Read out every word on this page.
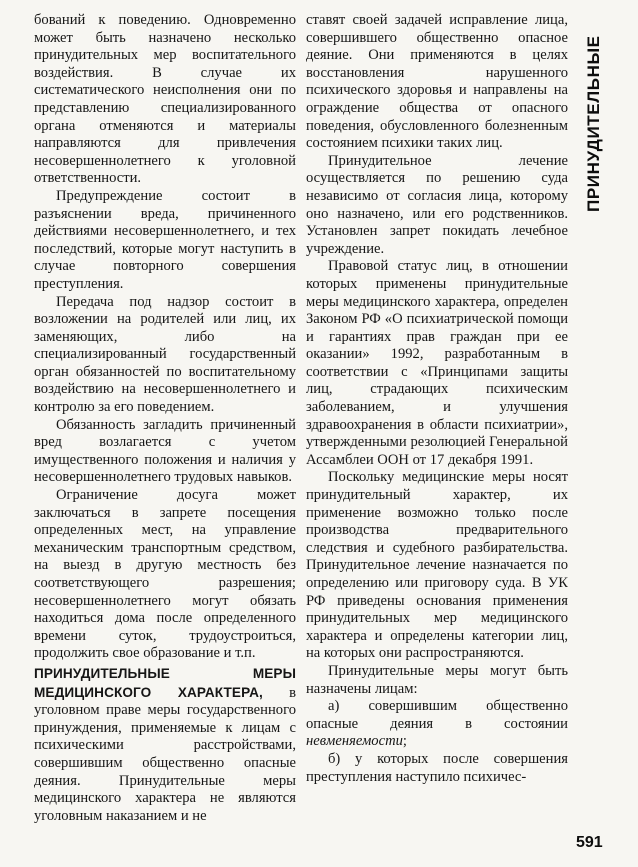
ПРИНУДИТЕЛЬНЫЕ

бований к поведению. Одновременно может быть назначено несколько принудительных мер воспитательного воздействия. В случае их систематического неисполнения они по представлению специализированного органа отменяются и материалы направляются для привлечения несовершеннолетнего к уголовной ответственности.

Предупреждение состоит в разъяснении вреда, причиненного действиями несовершеннолетнего, и тех последствий, которые могут наступить в случае повторного совершения преступления.

Передача под надзор состоит в возложении на родителей или лиц, их заменяющих, либо на специализированный государственный орган обязанностей по воспитательному воздействию на несовершеннолетнего и контролю за его поведением.

Обязанность загладить причиненный вред возлагается с учетом имущественного положения и наличия у несовершеннолетнего трудовых навыков.

Ограничение досуга может заключаться в запрете посещения определенных мест, на управление механическим транспортным средством, на выезд в другую местность без соответствующего разрешения; несовершеннолетнего могут обязать находиться дома после определенного времени суток, трудоустроиться, продолжить свое образование и т.п.

ПРИНУДИТЕЛЬНЫЕ МЕРЫ МЕДИЦИНСКОГО ХАРАКТЕРА, в уголовном праве меры государственного принуждения, применяемые к лицам с психическими расстройствами, совершившим общественно опасные деяния. Принудительные меры медицинского характера не являются уголовным наказанием и не

ставят своей задачей исправление лица, совершившего общественно опасное деяние. Они применяются в целях восстановления нарушенного психического здоровья и направлены на ограждение общества от опасного поведения, обусловленного болезненным состоянием психики таких лиц.

Принудительное лечение осуществляется по решению суда независимо от согласия лица, которому оно назначено, или его родственников. Установлен запрет покидать лечебное учреждение.

Правовой статус лиц, в отношении которых применены принудительные меры медицинского характера, определен Законом РФ «О психиатрической помощи и гарантиях прав граждан при ее оказании» 1992, разработанным в соответствии с «Принципами защиты лиц, страдающих психическим заболеванием, и улучшения здравоохранения в области психиатрии», утвержденными резолюцией Генеральной Ассамблеи ООН от 17 декабря 1991.

Поскольку медицинские меры носят принудительный характер, их применение возможно только после производства предварительного следствия и судебного разбирательства. Принудительное лечение назначается по определению или приговору суда. В УК РФ приведены основания применения принудительных мер медицинского характера и определены категории лиц, на которых они распространяются.

Принудительные меры могут быть назначены лицам:

а) совершившим общественно опасные деяния в состоянии невменяемости;

б) у которых после совершения преступления наступило психичес-

591
